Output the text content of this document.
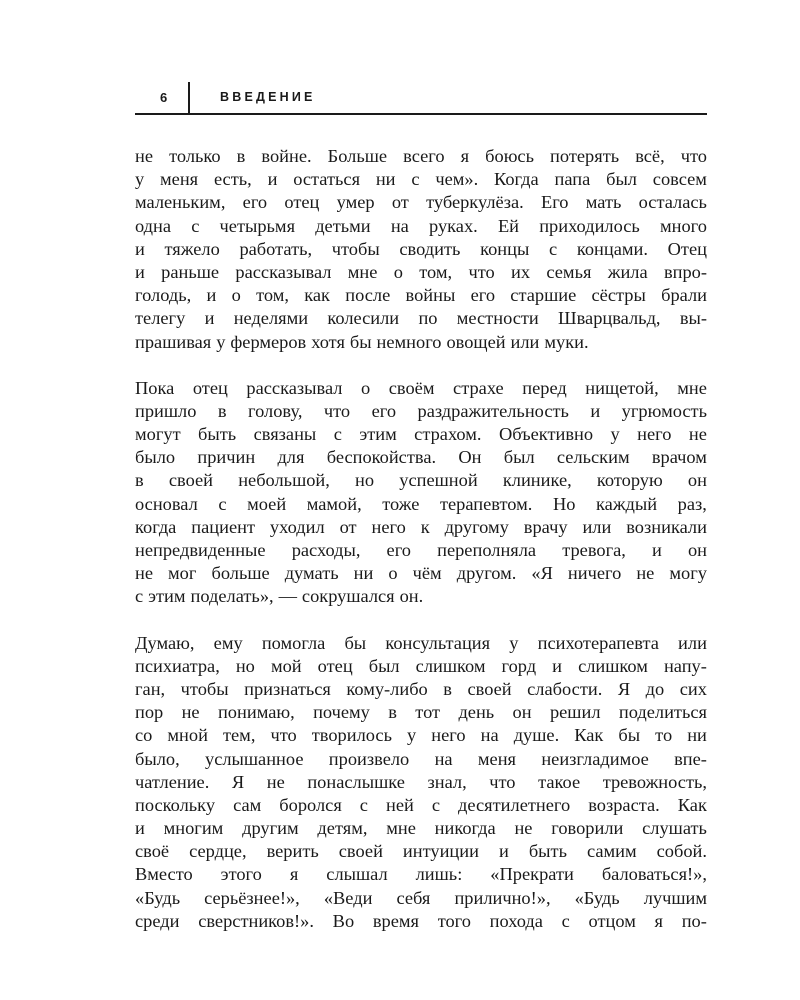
6	ВВЕДЕНИЕ
не только в войне. Больше всего я боюсь потерять всё, что
у меня есть, и остаться ни с чем». Когда папа был совсем
маленьким, его отец умер от туберкулёза. Его мать осталась
одна с четырьмя детьми на руках. Ей приходилось много
и тяжело работать, чтобы сводить концы с концами. Отец
и раньше рассказывал мне о том, что их семья жила впро-
голодь, и о том, как после войны его старшие сёстры брали
телегу и неделями колесили по местности Шварцвальд, вы-
прашивая у фермеров хотя бы немного овощей или муки.
Пока отец рассказывал о своём страхе перед нищетой, мне
пришло в голову, что его раздражительность и угрюмость
могут быть связаны с этим страхом. Объективно у него не
было причин для беспокойства. Он был сельским врачом
в своей небольшой, но успешной клинике, которую он
основал с моей мамой, тоже терапевтом. Но каждый раз,
когда пациент уходил от него к другому врачу или возникали
непредвиденные расходы, его переполняла тревога, и он
не мог больше думать ни о чём другом. «Я ничего не могу
с этим поделать», — сокрушался он.
Думаю, ему помогла бы консультация у психотерапевта или
психиатра, но мой отец был слишком горд и слишком напу-
ган, чтобы признаться кому-либо в своей слабости. Я до сих
пор не понимаю, почему в тот день он решил поделиться
со мной тем, что творилось у него на душе. Как бы то ни
было, услышанное произвело на меня неизгладимое впе-
чатление. Я не понаслышке знал, что такое тревожность,
поскольку сам боролся с ней с десятилетнего возраста. Как
и многим другим детям, мне никогда не говорили слушать
своё сердце, верить своей интуиции и быть самим собой.
Вместо этого я слышал лишь: «Прекрати баловаться!»,
«Будь серьёзнее!», «Веди себя прилично!», «Будь лучшим
среди сверстников!». Во время того похода с отцом я по-
